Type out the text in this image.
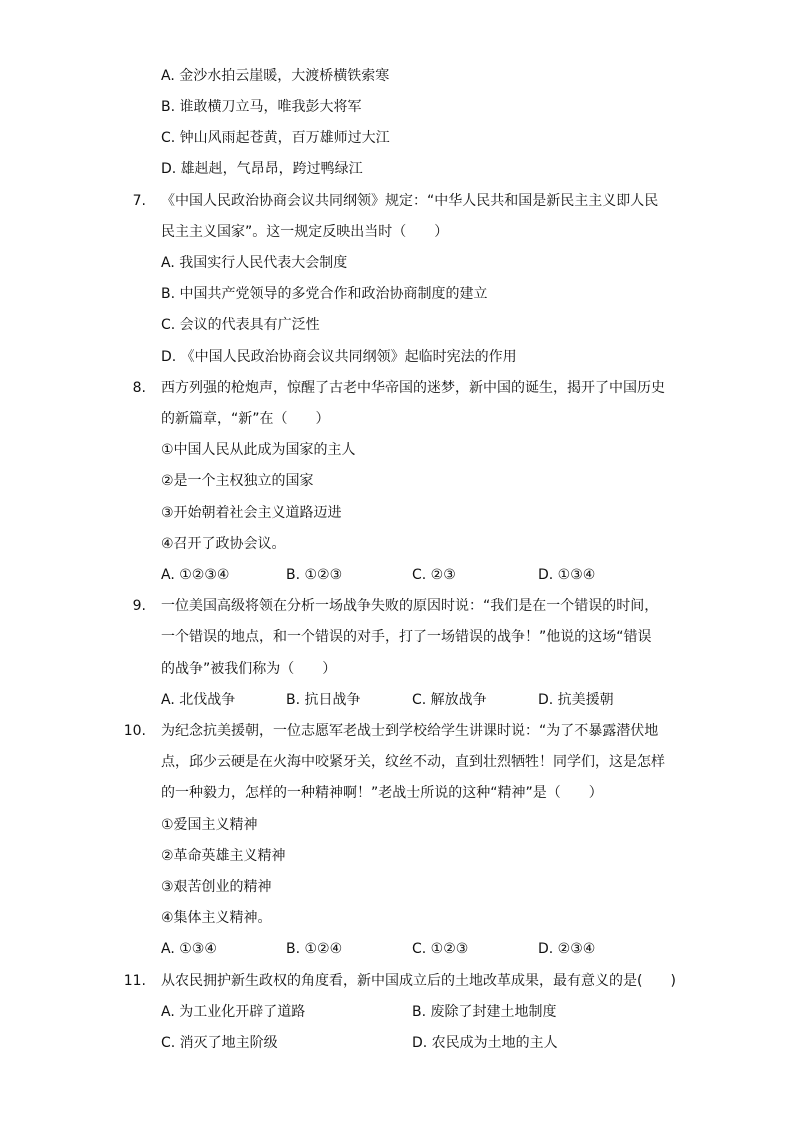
A. 金沙水拍云崖暖，大渡桥横铁索寒
B. 谁敢横刀立马，唯我彭大将军
C. 钟山风雨起苍黄，百万雄师过大江
D. 雄赳赳，气昂昂，跨过鸭绿江
7. 《中国人民政治协商会议共同纲领》规定：“中华人民共和国是新民主主义即人民
民主主义国家”。这一规定反映出当时（　　）
A. 我国实行人民代表大会制度
B. 中国共产党领导的多党合作和政治协商制度的建立
C. 会议的代表具有广泛性
D. 《中国人民政治协商会议共同纲领》起临时宪法的作用
8. 西方列强的枪炮声，惊醒了古老中华帝国的迷梦，新中国的诞生，揭开了中国历史
的新篇章，“新”在（　　）
①中国人民从此成为国家的主人
②是一个主权独立的国家
③开始朝着社会主义道路迈进
④召开了政协会议。
A. ①②③④	B. ①②③	C. ②③	D. ①③④
9. 一位美国高级将领在分析一场战争失败的原因时说：“我们是在一个错误的时间，
一个错误的地点，和一个错误的对手，打了一场错误的战争！”他说的这场“错误
的战争”被我们称为（　　）
A. 北伐战争	B. 抗日战争	C. 解放战争	D. 抗美援朝
10. 为纪念抗美援朝，一位志愿军老战士到学校给学生讲课时说：“为了不暴露潜伏地
点，邱少云硬是在火海中咬紧牙关，纹丝不动，直到壮烈牺牲！同学们，这是怎样
的一种毅力，怎样的一种精神啊！”老战士所说的这种“精神”是（　　）
①爱国主义精神
②革命英雄主义精神
③艰苦创业的精神
④集体主义精神。
A. ①③④	B. ①②④	C. ①②③	D. ②③④
11. 从农民拥护新生政权的角度看，新中国成立后的土地改革成果，最有意义的是(　　)
A. 为工业化开辟了道路	B. 废除了封建土地制度
C. 消灭了地主阶级	D. 农民成为土地的主人
